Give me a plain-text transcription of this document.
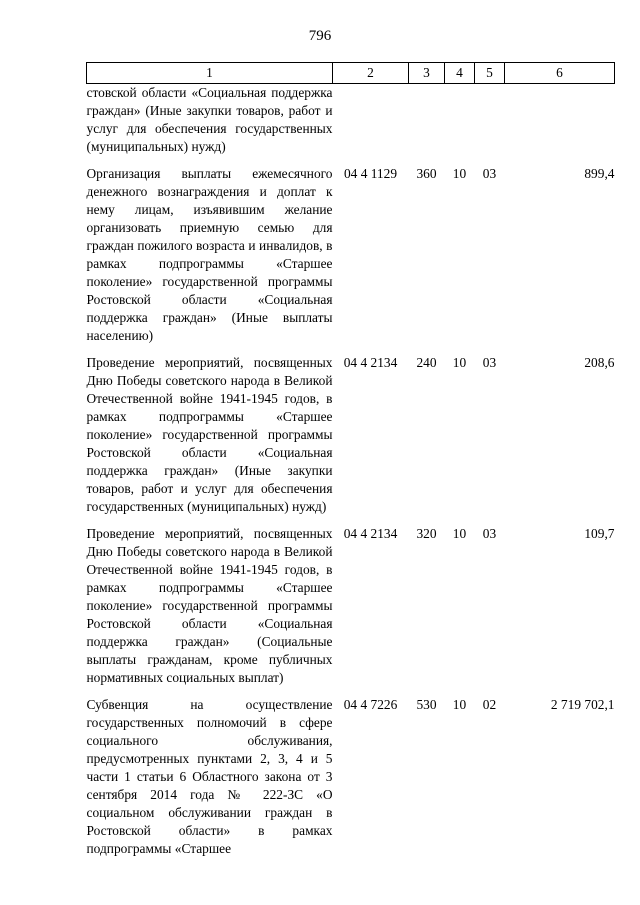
796
1	2	3	4	5	6
стовской области «Социальная поддержка граждан» (Иные закупки товаров, работ и услуг для обеспечения государственных (муниципальных) нужд)					
Организация выплаты ежемесячного денежного вознаграждения и доплат к нему лицам, изъявившим желание организовать приемную семью для граждан пожилого возраста и инвалидов, в рамках подпрограммы «Старшее поколение» государственной программы Ростовской области «Социальная поддержка граждан» (Иные выплаты населению)	04 4 1129	360	10	03	899,4
Проведение мероприятий, посвященных Дню Победы советского народа в Великой Отечественной войне 1941-1945 годов, в рамках подпрограммы «Старшее поколение» государственной программы Ростовской области «Социальная поддержка граждан» (Иные закупки товаров, работ и услуг для обеспечения государственных (муниципальных) нужд)	04 4 2134	240	10	03	208,6
Проведение мероприятий, посвященных Дню Победы советского народа в Великой Отечественной войне 1941-1945 годов, в рамках подпрограммы «Старшее поколение» государственной программы Ростовской области «Социальная поддержка граждан» (Социальные выплаты гражданам, кроме публичных нормативных социальных выплат)	04 4 2134	320	10	03	109,7
Субвенция на осуществление государственных полномочий в сфере социального обслуживания, предусмотренных пунктами 2, 3, 4 и 5 части 1 статьи 6 Областного закона от 3 сентября 2014 года № 222-ЗС «О социальном обслуживании граждан в Ростовской области» в рамках подпрограммы «Старшее	04 4 7226	530	10	02	2 719 702,1
